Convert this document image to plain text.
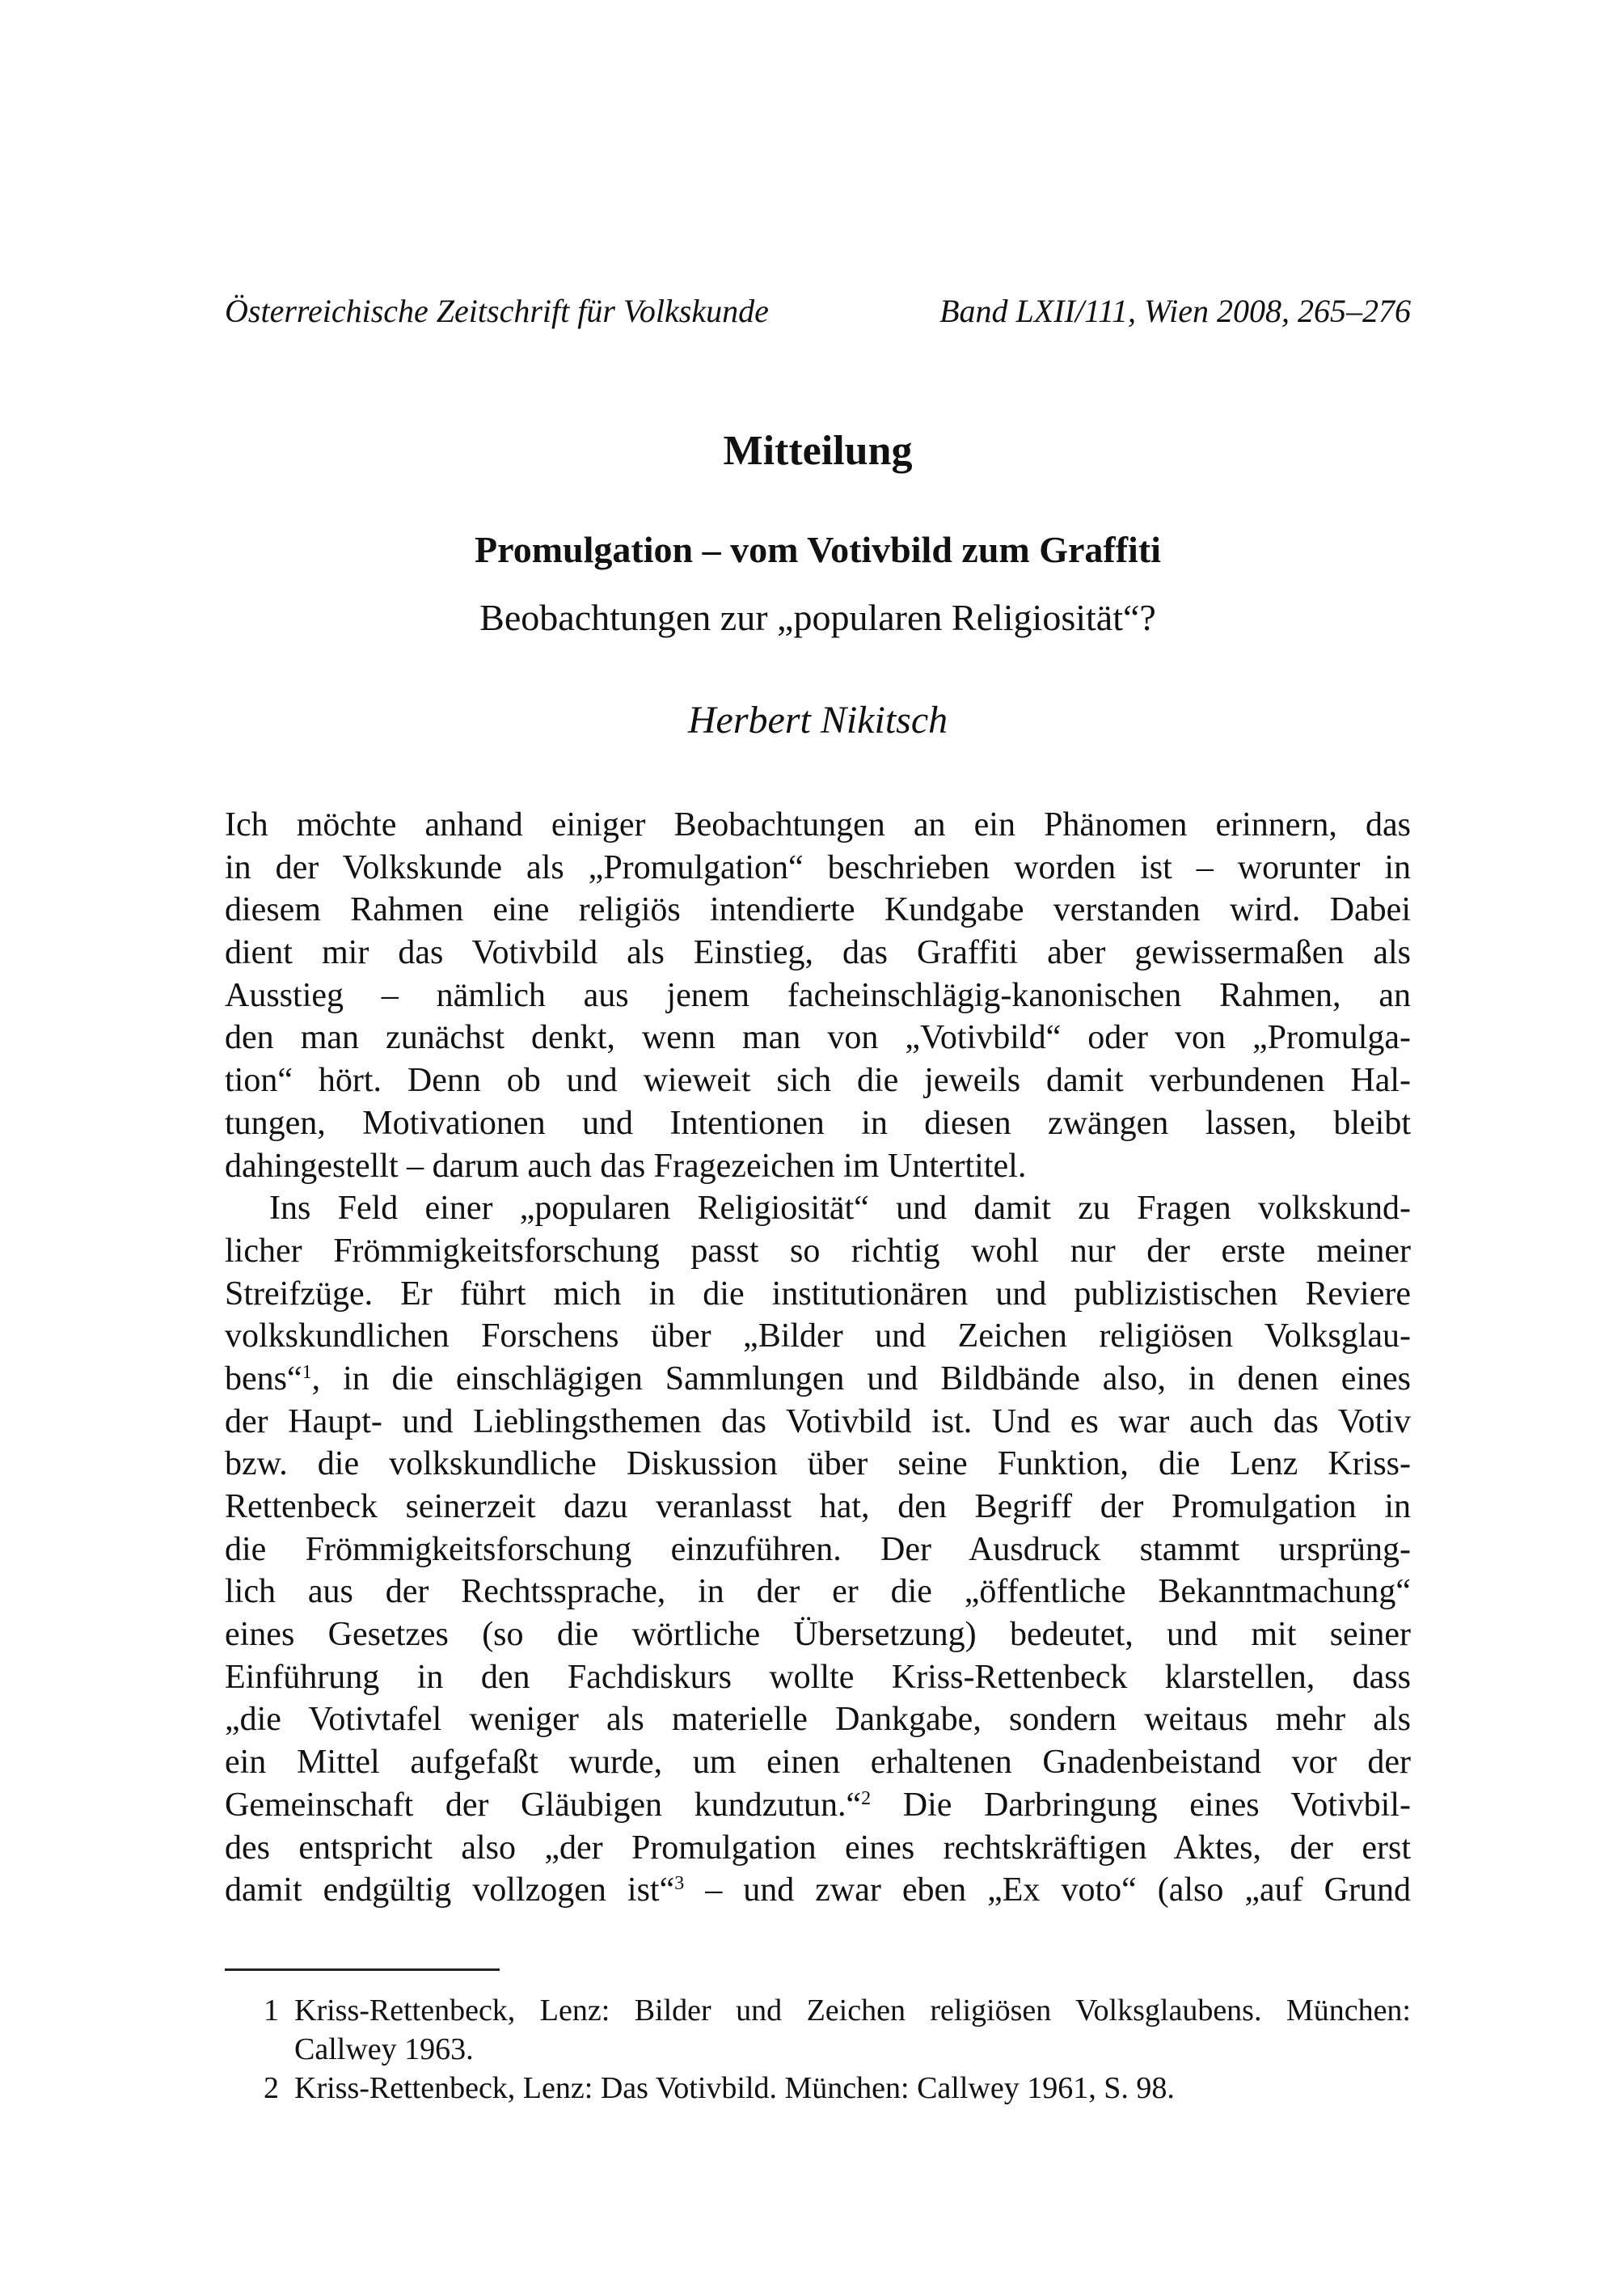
Österreichische Zeitschrift für Volkskunde	Band LXII/111, Wien 2008, 265–276
Mitteilung
Promulgation – vom Votivbild zum Graffiti
Beobachtungen zur „popularen Religiosität“?
Herbert Nikitsch
Ich möchte anhand einiger Beobachtungen an ein Phänomen erinnern, das
in der Volkskunde als „Promulgation“ beschrieben worden ist – worunter in
diesem Rahmen eine religiös intendierte Kundgabe verstanden wird. Dabei
dient mir das Votivbild als Einstieg, das Graffiti aber gewissermaßen als
Ausstieg – nämlich aus jenem facheinschlägig-kanonischen Rahmen, an
den man zunächst denkt, wenn man von „Votivbild“ oder von „Promulga-
tion“ hört. Denn ob und wieweit sich die jeweils damit verbundenen Hal-
tungen, Motivationen und Intentionen in diesen zwängen lassen, bleibt
dahingestellt – darum auch das Fragezeichen im Untertitel.
Ins Feld einer „popularen Religiosität“ und damit zu Fragen volkskund-
licher Frömmigkeitsforschung passt so richtig wohl nur der erste meiner
Streifzüge. Er führt mich in die institutionären und publizistischen Reviere
volkskundlichen Forschens über „Bilder und Zeichen religiösen Volksglau-
bens“$^1$, in die einschlägigen Sammlungen und Bildbände also, in denen eines
der Haupt- und Lieblingsthemen das Votivbild ist. Und es war auch das Votiv
bzw. die volkskundliche Diskussion über seine Funktion, die Lenz Kriss-
Rettenbeck seinerzeit dazu veranlasst hat, den Begriff der Promulgation in
die Frömmigkeitsforschung einzuführen. Der Ausdruck stammt ursprüng-
lich aus der Rechtssprache, in der er die „öffentliche Bekanntmachung“
eines Gesetzes (so die wörtliche Übersetzung) bedeutet, und mit seiner
Einführung in den Fachdiskurs wollte Kriss-Rettenbeck klarstellen, dass
„die Votivtafel weniger als materielle Dankgabe, sondern weitaus mehr als
ein Mittel aufgefaßt wurde, um einen erhaltenen Gnadenbeistand vor der
Gemeinschaft der Gläubigen kundzutun.“$^2$ Die Darbringung eines Votivbil-
des entspricht also „der Promulgation eines rechtskräftigen Aktes, der erst
damit endgültig vollzogen ist“$^3$ – und zwar eben „Ex voto“ (also „auf Grund
1 Kriss-Rettenbeck, Lenz: Bilder und Zeichen religiösen Volksglaubens. München:
Callwey 1963.
2 Kriss-Rettenbeck, Lenz: Das Votivbild. München: Callwey 1961, S. 98.
